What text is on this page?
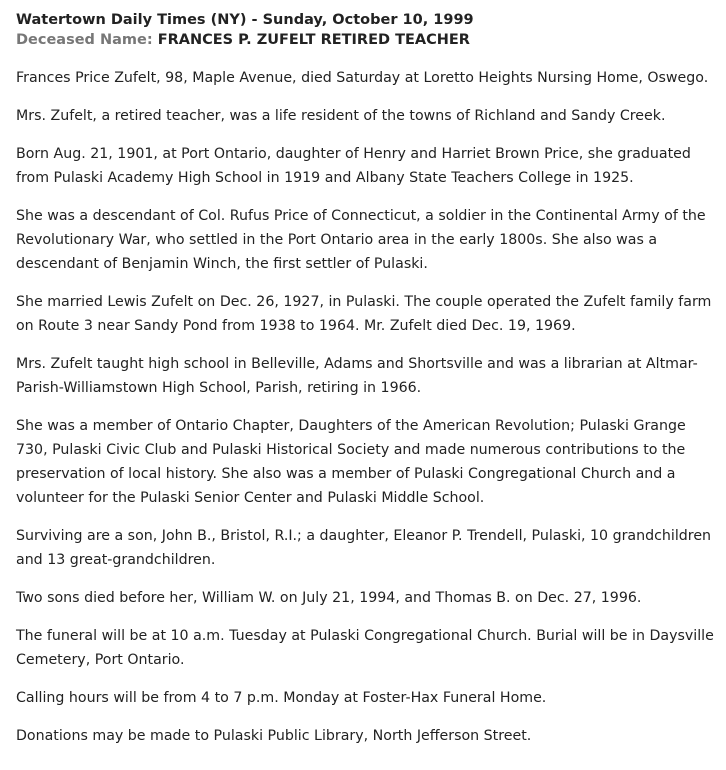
Watertown Daily Times (NY) - Sunday, October 10, 1999
Deceased Name: FRANCES P. ZUFELT RETIRED TEACHER

Frances Price Zufelt, 98, Maple Avenue, died Saturday at Loretto Heights Nursing Home, Oswego.

Mrs. Zufelt, a retired teacher, was a life resident of the towns of Richland and Sandy Creek.

Born Aug. 21, 1901, at Port Ontario, daughter of Henry and Harriet Brown Price, she graduated from Pulaski Academy High School in 1919 and Albany State Teachers College in 1925.

She was a descendant of Col. Rufus Price of Connecticut, a soldier in the Continental Army of the Revolutionary War, who settled in the Port Ontario area in the early 1800s. She also was a descendant of Benjamin Winch, the first settler of Pulaski.

She married Lewis Zufelt on Dec. 26, 1927, in Pulaski. The couple operated the Zufelt family farm on Route 3 near Sandy Pond from 1938 to 1964. Mr. Zufelt died Dec. 19, 1969.

Mrs. Zufelt taught high school in Belleville, Adams and Shortsville and was a librarian at Altmar-Parish-Williamstown High School, Parish, retiring in 1966.

She was a member of Ontario Chapter, Daughters of the American Revolution; Pulaski Grange 730, Pulaski Civic Club and Pulaski Historical Society and made numerous contributions to the preservation of local history. She also was a member of Pulaski Congregational Church and a volunteer for the Pulaski Senior Center and Pulaski Middle School.

Surviving are a son, John B., Bristol, R.I.; a daughter, Eleanor P. Trendell, Pulaski, 10 grandchildren and 13 great-grandchildren.

Two sons died before her, William W. on July 21, 1994, and Thomas B. on Dec. 27, 1996.

The funeral will be at 10 a.m. Tuesday at Pulaski Congregational Church. Burial will be in Daysville Cemetery, Port Ontario.

Calling hours will be from 4 to 7 p.m. Monday at Foster-Hax Funeral Home.

Donations may be made to Pulaski Public Library, North Jefferson Street.
